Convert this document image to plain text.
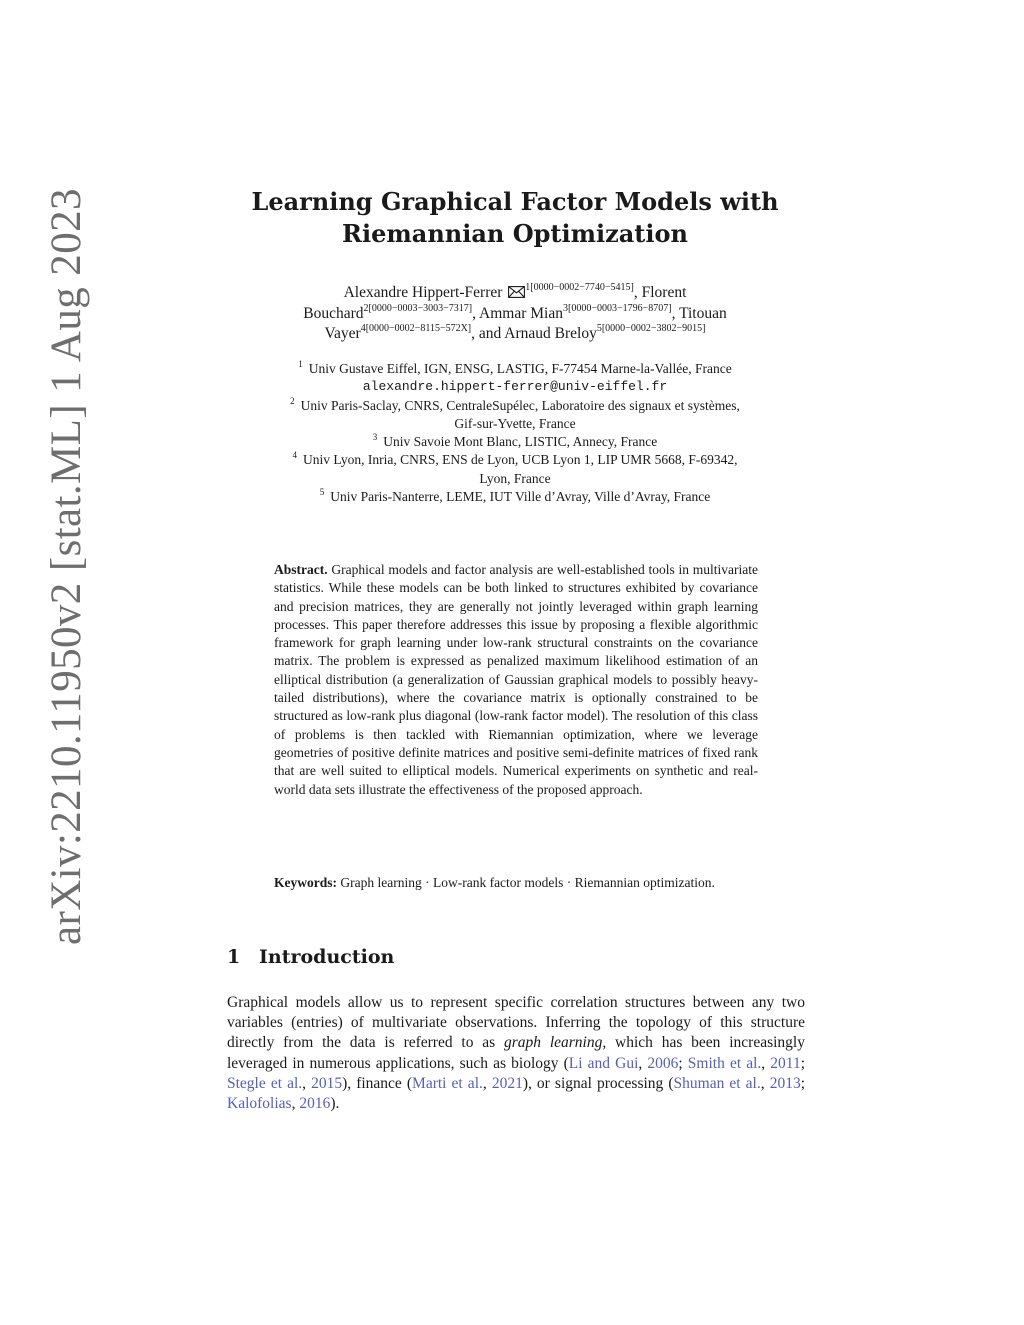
arXiv:2210.11950v2 [stat.ML] 1 Aug 2023	Learning Graphical Factor Models with
Riemannian Optimization
Alexandre Hippert-Ferrer $^{1[0000-0002-7740-5415]}$, Florent
Bouchard$^{2[0000-0003-3003-7317]}$, Ammar Mian$^{3[0000-0003-1796-8707]}$, Titouan
Vayer$^{4[0000-0002-8115-572X]}$, and Arnaud Breloy$^{5[0000-0002-3802-9015]}$
$^1$ Univ Gustave Eiffel, IGN, ENSG, LASTIG, F-77454 Marne-la-Vallée, France
alexandre.hippert-ferrer@univ-eiffel.fr
$^2$ Univ Paris-Saclay, CNRS, CentraleSupélec, Laboratoire des signaux et systèmes,
Gif-sur-Yvette, France
$^3$ Univ Savoie Mont Blanc, LISTIC, Annecy, France
$^4$ Univ Lyon, Inria, CNRS, ENS de Lyon, UCB Lyon 1, LIP UMR 5668, F-69342,
Lyon, France
$^5$ Univ Paris-Nanterre, LEME, IUT Ville d’Avray, Ville d’Avray, France
Abstract. Graphical models and factor analysis are well-established tools in multivariate statistics. While these models can be both linked to structures exhibited by covariance and precision matrices, they are generally not jointly leveraged within graph learning processes. This paper therefore addresses this issue by proposing a flexible algorithmic framework for graph learning under low-rank structural constraints on the covariance matrix. The problem is expressed as penalized maximum likelihood estimation of an elliptical distribution (a generalization of Gaussian graphical models to possibly heavy-tailed distributions), where the covariance matrix is optionally constrained to be structured as low-rank plus diagonal (low-rank factor model). The resolution of this class of problems is then tackled with Riemannian optimization, where we leverage geometries of positive definite matrices and positive semi-definite matrices of fixed rank that are well suited to elliptical models. Numerical experiments on synthetic and real-world data sets illustrate the effectiveness of the proposed approach.
Keywords: Graph learning · Low-rank factor models · Riemannian optimization.
1 Introduction
Graphical models allow us to represent specific correlation structures between any two variables (entries) of multivariate observations. Inferring the topology of this structure directly from the data is referred to as graph learning, which has been increasingly leveraged in numerous applications, such as biology (Li and Gui, 2006; Smith et al., 2011; Stegle et al., 2015), finance (Marti et al., 2021), or signal processing (Shuman et al., 2013; Kalofolias, 2016).
